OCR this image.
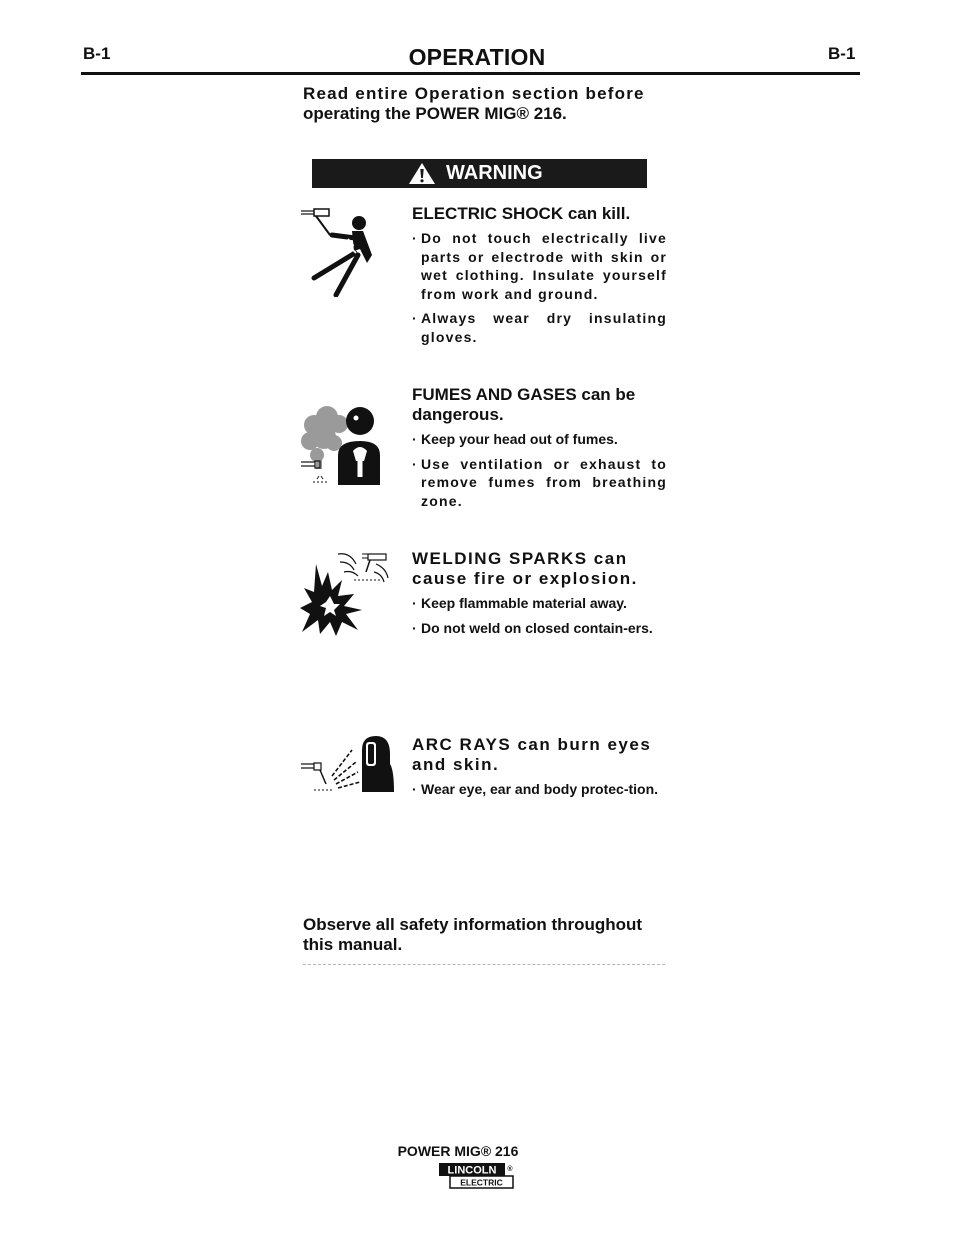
B-1	OPERATION	B-1
Read entire Operation section before
operating the POWER MIG® 216.
WARNING

ELECTRIC SHOCK can kill.

· Do not touch electrically live parts or electrode with skin or wet clothing. Insulate yourself from work and ground.
· Always wear dry insulating gloves.

FUMES AND GASES can be dangerous.

· Keep your head out of fumes.
· Use ventilation or exhaust to remove fumes from breathing zone.

WELDING SPARKS can cause fire or explosion.

· Keep flammable material away.
· Do not weld on closed contain-ers.

ARC RAYS can burn eyes and skin.

· Wear eye, ear and body protec-tion.
Observe all safety information throughout this manual.
POWER MIG® 216
LINCOLN ®
ELECTRIC
